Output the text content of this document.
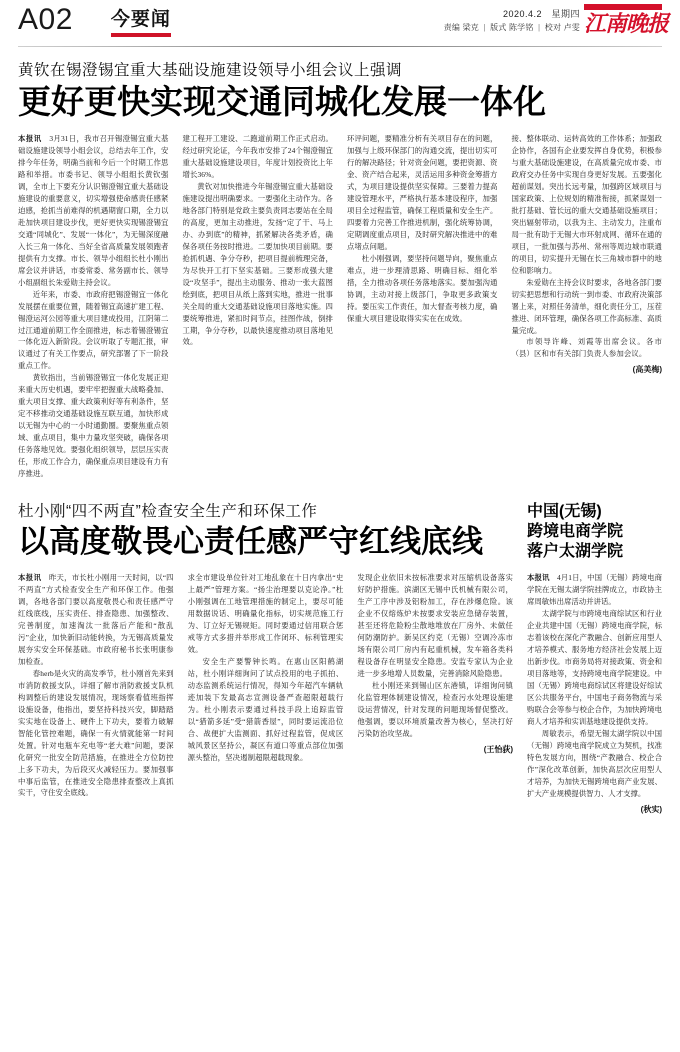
A02 今要闻	2020.4.2　星期四
责编 梁克 | 版式 陈学铭 | 校对 卢雯 江南晚报
黄钦在锡澄锡宜重大基础设施建设领导小组会议上强调
更好更快实现交通同城化发展一体化

本报讯　3月31日，我市召开锡澄锡宜重大基础设施建设领导小组会议，总结去年工作，安排今年任务，明确当前和今后一个时期工作思路和举措。市委书记、领导小组组长黄钦强调，全市上下要充分认识锡澄锡宜重大基础设施建设的重要意义，切实增强使命感责任感紧迫感，抢抓当前难得的机遇期窗口期，全力以赴加快项目建设步伐，更好更快实现锡澄锡宜交通“同城化”、发展“一体化”，为无锡深度融入长三角一体化、当好全省高质量发展领跑者提供有力支撑。市长、领导小组组长杜小刚出席会议并讲话，市委常委、常务副市长、领导小组副组长朱爱勋主持会议。

近年来，市委、市政府把锡澄锡宜一体化发展摆在重要位置，随着锡宜高速扩建工程、锡澄运河公园等重大项目建成投用，江阴第二过江通道前期工作全面推进，标志着锡澄锡宜一体化迈入新阶段。会议听取了专题汇报，审议通过了有关工作要点，研究部署了下一阶段重点工作。

黄钦指出，当前锡澄锡宜一体化发展正迎来重大历史机遇，要牢牢把握重大战略叠加、重大项目支撑、重大政策利好等有利条件，坚定不移推动交通基础设施互联互通，加快形成以无锡为中心的一小时通勤圈。要聚焦重点领域、重点项目，集中力量攻坚突破，确保各项任务落地见效。要强化组织领导，层层压实责任，形成工作合力，确保重点项目建设有力有序推进。

建工程开工建设、二跑道前期工作正式启动。经过研究论证，今年我市安排了24个锡澄锡宜重大基础设施建设项目，年度计划投资比上年增长36%。

黄钦对加快推进今年锡澄锡宜重大基础设施建设提出明确要求。一要强化主动作为。各地各部门特别是党政主要负责同志要站在全局的高度，更加主动推进，发扬“定了干、马上办、办到底”的精神，抓紧解决各类矛盾，确保各项任务按时推进。二要加快项目前期。要抢抓机遇、争分夺秒，把项目提前梳理完备，为尽快开工打下坚实基础。三要形成强大建设“攻坚手”，提出主动服务、推动一张大蓝图绘到底，把项目从纸上落到实地，推进一批事关全局的重大交通基础设施项目落地实施。四要统筹推进，紧扣时间节点，挂图作战，倒排工期，争分夺秒，以最快速度推动项目落地见效。

环评问题，要精准分析有关项目存在的问题，加强与上级环保部门的沟通交流，提出切实可行的解决路径；针对资金问题，要把资源、资金、资产结合起来，灵活运用多种资金筹措方式，为项目建设提供坚实保障。三要着力提高建设管理水平，严格执行基本建设程序，加强项目全过程监管，确保工程质量和安全生产。四要着力完善工作推进机制，强化统筹协调，定期调度重点项目，及时研究解决推进中的难点堵点问题。

杜小刚强调，要坚持问题导向，聚焦重点难点，进一步理清思路、明确目标、细化举措，全力推动各项任务落地落实。要加强沟通协调，主动对接上级部门，争取更多政策支持。要压实工作责任，加大督查考核力度，确保重大项目建设取得实实在在成效。

接、整体联动、运转高效的工作体系；加强政企协作，各国有企业要发挥自身优势，积极参与重大基础设施建设，在高质量完成市委、市政府交办任务中实现自身更好发展。五要强化超前谋划。突出长远考量，加强跨区域项目与国家政策、上位规划的精准衔接，抓紧谋划一批打基础、管长远的重大交通基础设施项目；突出辐射带动，以我为主、主动发力，注重布局一批有助于无锡大市环射成网、循环在通的项目，一批加强与苏州、常州等周边城市联通的项目，切实提升无锡在长三角城市群中的地位和影响力。

朱爱勋在主持会议时要求，各地各部门要切实把思想和行动统一到市委、市政府决策部署上来，对照任务清单，细化责任分工，压茬推进、闭环管理，确保各项工作高标准、高质量完成。

市领导许峰、刘霞等出席会议。各市（县）区和市有关部门负责人参加会议。

(高美梅)
杜小刚“四不两直”检查安全生产和环保工作
以高度敬畏心责任感严守红线底线

本报讯　昨天，市长杜小刚用一天时间，以“四不两直”方式检查安全生产和环保工作。他强调，各地各部门要以高度敬畏心和责任感严守红线底线，压实责任、排查隐患、加强整改、完善制度，加速淘汰一批落后产能和“散乱污”企业，加快新旧动能转换，为无锡高质量发展夯实安全环保基础。市政府秘书长张明康参加检查。

春herb是火灾的高发季节，杜小刚首先来到市消防救援支队，详细了解市消防救援支队机构调整后的建设发展情况，现场察看值班指挥设施设备，他指出，要坚持科技兴安，脚踏踏实实地在设备上、硬件上下功夫，要着力破解智能化管控难题，确保一有火情就能第一时间处置。针对电瓶车充电等“老大难”问题，要深化研究一批安全防范措施，在推进全方位防控上多下功夫，为后段灭火减轻压力。要加强事中事后监管，在推进安全隐患排查整改上真抓实干，守住安全底线。

求全市建设单位针对工地乱象在十日内拿出“史上最严”管理方案。“扬尘治理要以克论净。”杜小刚强调在工地管理措施的制定上，要尽可能用数据说话、明确量化指标，切实规范施工行为、订立好无锡规矩。同时要通过信用联合惩戒等方式多措并举形成工作闭环、标利管理实效。

安全生产要警钟长鸣。在惠山区阳鹤湖站，杜小刚详细询问了试点投用的电子抓拍、动态监测系统运行情况，得知今年超汽车辆轨迹加装下发最高志宣测设备严查超限超载行为。杜小刚表示要通过科技手段上追踪监管以“猎箭多延”受“猎箭香屋”，同时要运流沿位合、战便扩大监测面、抓好过程监管，促成区城风景区坚持公，凝区有道口等重点部位加强源头整治，坚决遏制超限超载现象。

发现企业依旧未按标准要求对压缩机设备落实好防护措施。滨湖区无锡中氏机械有限公司，生产工序中涉及铝粉加工，存在涉爆危险。该企业不仅熔炼炉未按要求安装应急储存装置，甚至还将危险粉尘散地堆放在厂房外、未做任何防潮防护。新吴区约克（无锡）空调冷冻市场有限公司厂房内有起重机械，发车箱各类科程设备存在明显安全隐患。安监专家认为企业进一步多地增人员数量，完善消除风险隐患。

杜小刚还来到锡山区东港镇，详细询问镇化监管理体制建设情况，检查污水处理设施建设运营情况，针对发现的问题现场督促整改。他强调，要以环境质量改善为核心，坚决打好污染防治攻坚战。

(王怡荻)
中国(无锡)
跨境电商学院
落户太湖学院

本报讯　4月1日，中国（无锡）跨境电商学院在无锡太湖学院挂牌成立，市政协主席周敏炜出席活动并讲话。

太湖学院与市跨境电商综试区和行业企业共建中国（无锡）跨境电商学院，标志着该校在深化产教融合、创新应用型人才培养模式、服务地方经济社会发展上迈出新步伐。市商务局将对接政策、资金和项目落地等，支持跨境电商学院建设。中国（无锡）跨境电商综试区将建设好综试区公共服务平台，中国电子商务物流与采购联合会等参与校企合作，为加快跨境电商人才培养和实训基地建设提供支持。

周敏表示，希望无锡太湖学院以中国（无锡）跨境电商学院成立为契机，找准特色发展方向，围绕“产教融合、校企合作”深化改革创新，加快高层次应用型人才培养，为加快无锡跨境电商产业发展、扩大产业规模提供智力、人才支撑。

(秋实)
